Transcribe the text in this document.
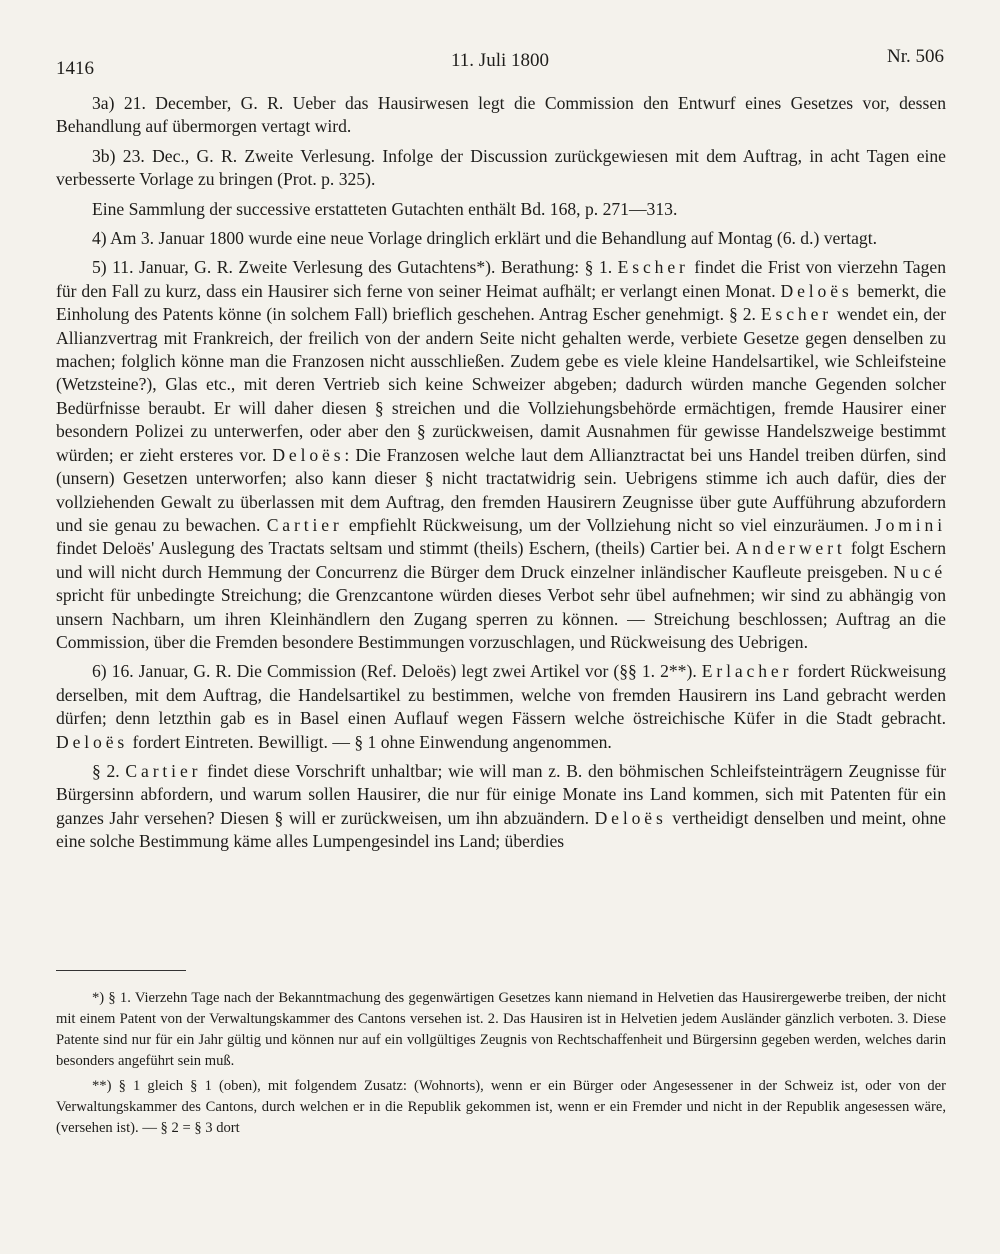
1416	11. Juli 1800	Nr. 506

3a) 21. December, G. R. Ueber das Hausirwesen legt die Commission den Entwurf eines Gesetzes vor, dessen Behandlung auf übermorgen vertagt wird.

3b) 23. Dec., G. R. Zweite Verlesung. Infolge der Discussion zurückgewiesen mit dem Auftrag, in acht Tagen eine verbesserte Vorlage zu bringen (Prot. p. 325).

Eine Sammlung der successive erstatteten Gutachten enthält Bd. 168, p. 271—313.

4) Am 3. Januar 1800 wurde eine neue Vorlage dringlich erklärt und die Behandlung auf Montag (6. d.) vertagt.

5) 11. Januar, G. R. Zweite Verlesung des Gutachtens*). Berathung: § 1. Escher findet die Frist von vierzehn Tagen für den Fall zu kurz, dass ein Hausirer sich ferne von seiner Heimat aufhält; er verlangt einen Monat. Deloës bemerkt, die Einholung des Patents könne (in solchem Fall) brieflich geschehen. Antrag Escher genehmigt. § 2. Escher wendet ein, der Allianzvertrag mit Frankreich, der freilich von der andern Seite nicht gehalten werde, verbiete Gesetze gegen denselben zu machen; folglich könne man die Franzosen nicht ausschließen. Zudem gebe es viele kleine Handelsartikel, wie Schleifsteine (Wetzsteine?), Glas etc., mit deren Vertrieb sich keine Schweizer abgeben; dadurch würden manche Gegenden solcher Bedürfnisse beraubt. Er will daher diesen § streichen und die Vollziehungsbehörde ermächtigen, fremde Hausirer einer besondern Polizei zu unterwerfen, oder aber den § zurückweisen, damit Ausnahmen für gewisse Handelszweige bestimmt würden; er zieht ersteres vor. Deloës: Die Franzosen welche laut dem Allianztractat bei uns Handel treiben dürfen, sind (unsern) Gesetzen unterworfen; also kann dieser § nicht tractatwidrig sein. Uebrigens stimme ich auch dafür, dies der vollziehenden Gewalt zu überlassen mit dem Auftrag, den fremden Hausirern Zeugnisse über gute Aufführung abzufordern und sie genau zu bewachen. Cartier empfiehlt Rückweisung, um der Vollziehung nicht so viel einzuräumen. Jomini findet Deloës' Auslegung des Tractats seltsam und stimmt (theils) Eschern, (theils) Cartier bei. Anderwert folgt Eschern und will nicht durch Hemmung der Concurrenz die Bürger dem Druck einzelner inländischer Kaufleute preisgeben. Nucé spricht für unbedingte Streichung; die Grenzcantone würden dieses Verbot sehr übel aufnehmen; wir sind zu abhängig von unsern Nachbarn, um ihren Kleinhändlern den Zugang sperren zu können. — Streichung beschlossen; Auftrag an die Commission, über die Fremden besondere Bestimmungen vorzuschlagen, und Rückweisung des Uebrigen.

6) 16. Januar, G. R. Die Commission (Ref. Deloës) legt zwei Artikel vor (§§ 1. 2**). Erlacher fordert Rückweisung derselben, mit dem Auftrag, die Handelsartikel zu bestimmen, welche von fremden Hausirern ins Land gebracht werden dürfen; denn letzthin gab es in Basel einen Auflauf wegen Fässern welche östreichische Küfer in die Stadt gebracht. Deloës fordert Eintreten. Bewilligt. — § 1 ohne Einwendung angenommen.

§ 2. Cartier findet diese Vorschrift unhaltbar; wie will man z. B. den böhmischen Schleifsteinträgern Zeugnisse für Bürgersinn abfordern, und warum sollen Hausirer, die nur für einige Monate ins Land kommen, sich mit Patenten für ein ganzes Jahr versehen? Diesen § will er zurückweisen, um ihn abzuändern. Deloës vertheidigt denselben und meint, ohne eine solche Bestimmung käme alles Lumpengesindel ins Land; überdies

*) § 1. Vierzehn Tage nach der Bekanntmachung des gegenwärtigen Gesetzes kann niemand in Helvetien das Hausirergewerbe treiben, der nicht mit einem Patent von der Verwaltungskammer des Cantons versehen ist. 2. Das Hausiren ist in Helvetien jedem Ausländer gänzlich verboten. 3. Diese Patente sind nur für ein Jahr gültig und können nur auf ein vollgültiges Zeugnis von Rechtschaffenheit und Bürgersinn gegeben werden, welches darin besonders angeführt sein muß.

**) § 1 gleich § 1 (oben), mit folgendem Zusatz: (Wohnorts), wenn er ein Bürger oder Angesessener in der Schweiz ist, oder von der Verwaltungskammer des Cantons, durch welchen er in die Republik gekommen ist, wenn er ein Fremder und nicht in der Republik angesessen wäre, (versehen ist). — § 2 = § 3 dort
